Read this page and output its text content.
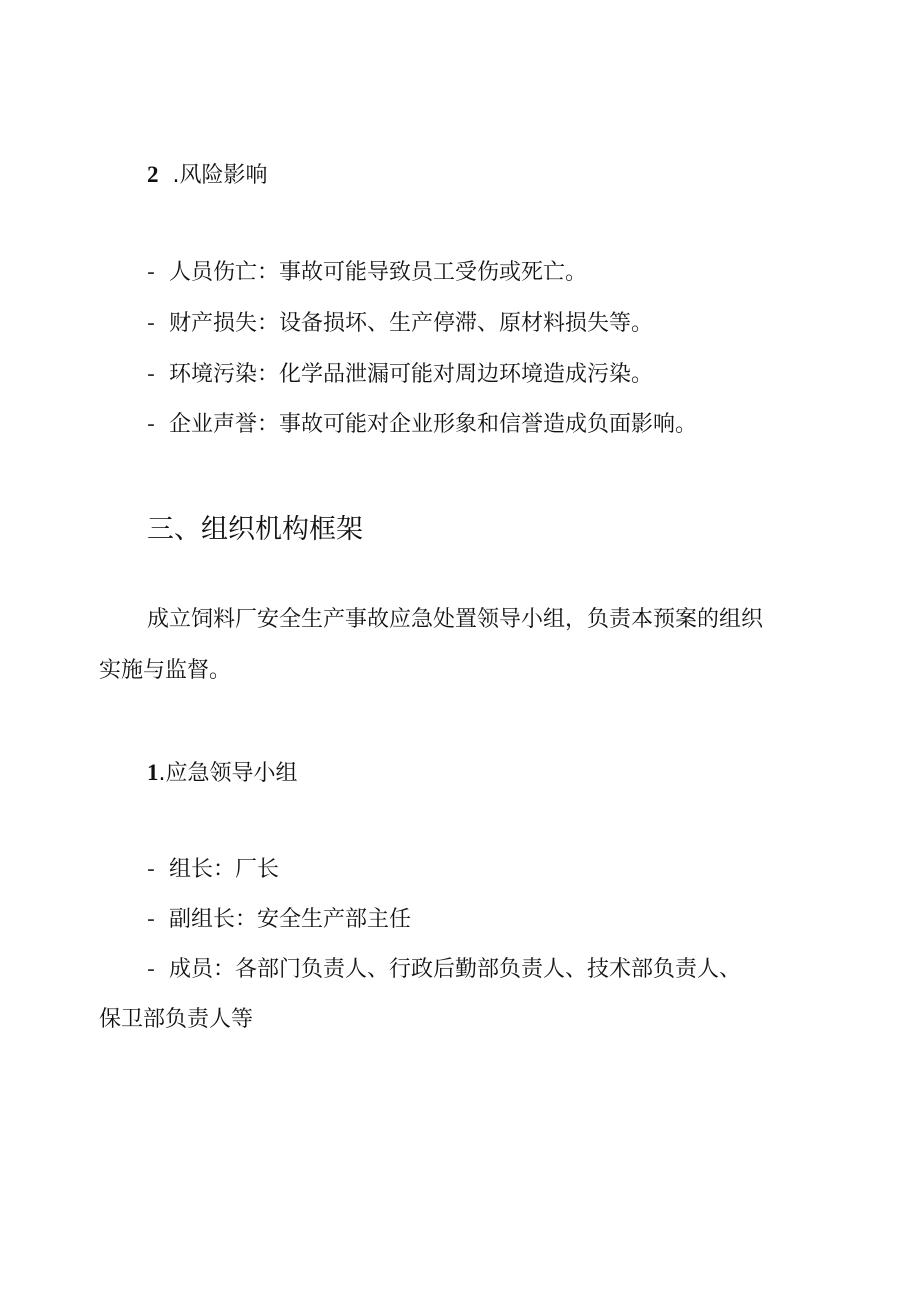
2 .风险影响
- 人员伤亡：事故可能导致员工受伤或死亡。
- 财产损失：设备损坏、生产停滞、原材料损失等。
- 环境污染：化学品泄漏可能对周边环境造成污染。
- 企业声誉：事故可能对企业形象和信誉造成负面影响。
三、组织机构框架
成立饲料厂安全生产事故应急处置领导小组，负责本预案的组织
实施与监督。
1.应急领导小组
- 组长：厂长
- 副组长：安全生产部主任
- 成员：各部门负责人、行政后勤部负责人、技术部负责人、
保卫部负责人等
